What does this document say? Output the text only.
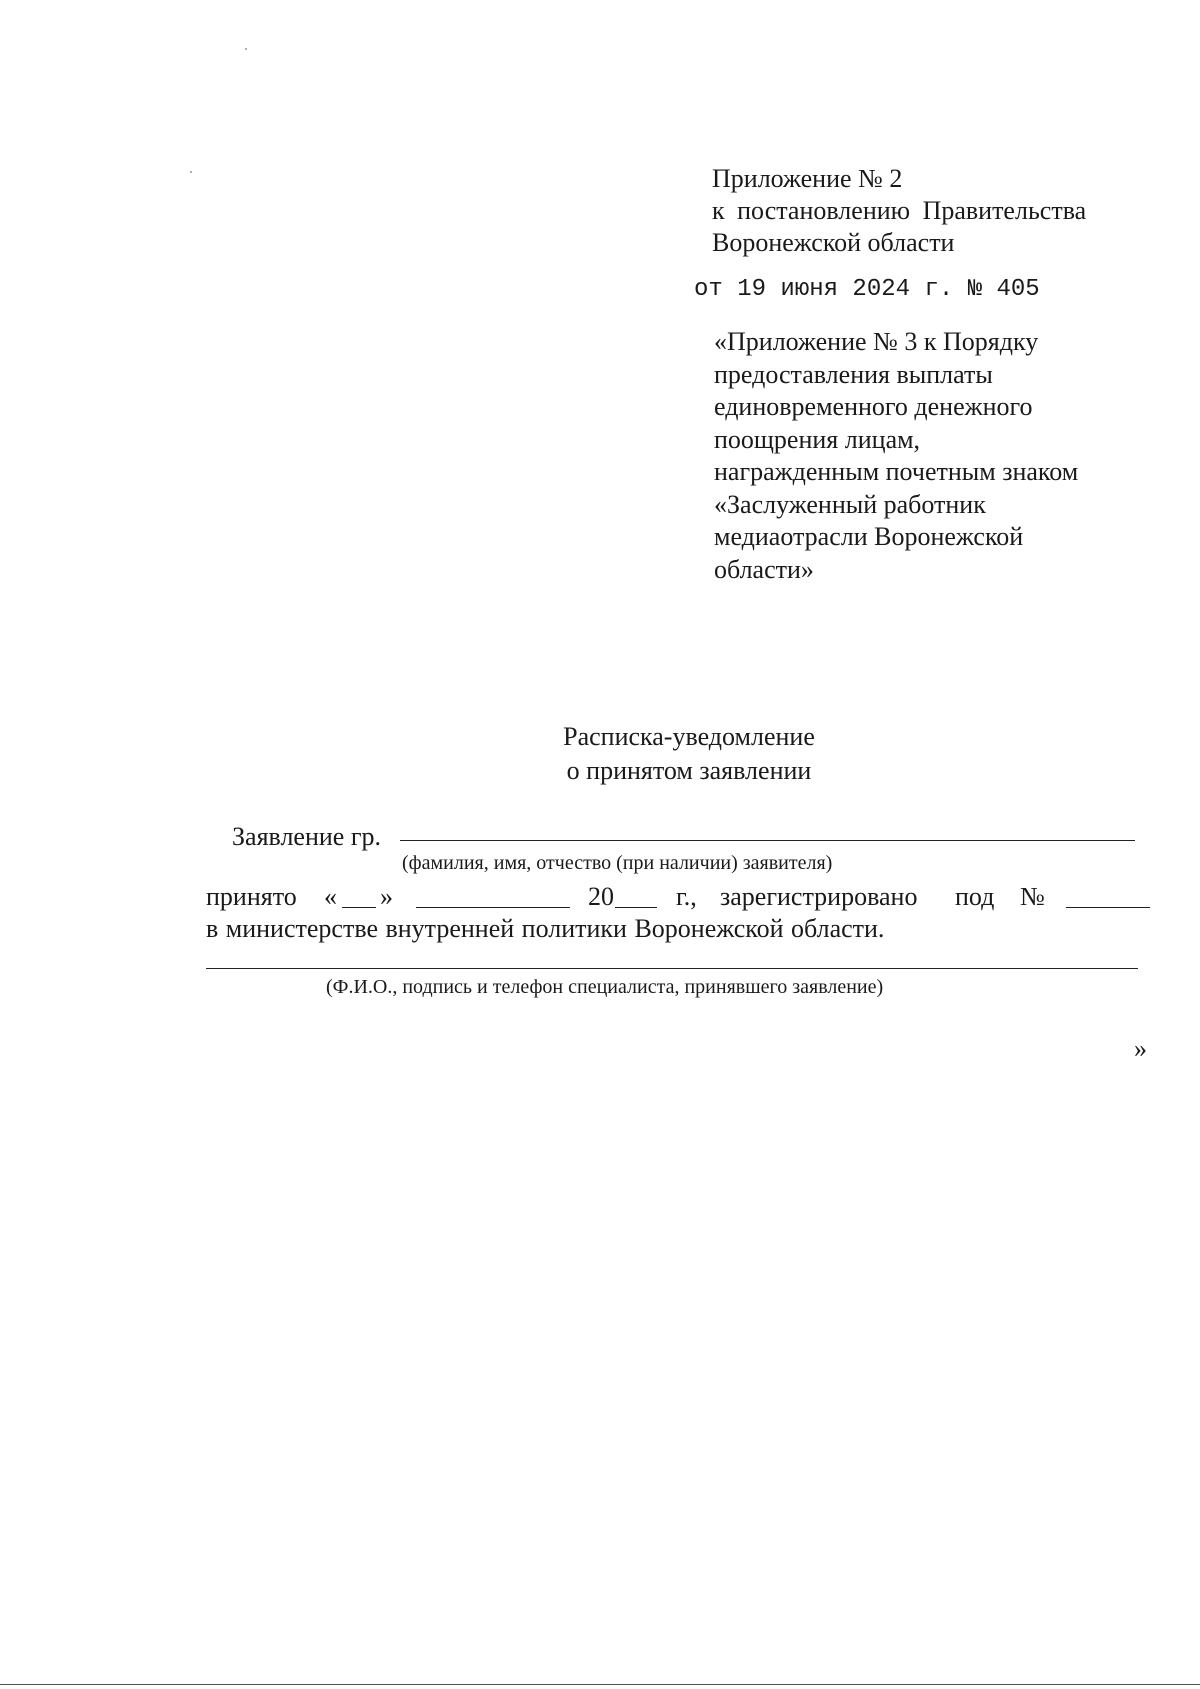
Приложение № 2
к постановлению Правительства
Воронежской области
от 19 июня 2024 г. № 405
«Приложение № 3 к Порядку
предоставления выплаты
единовременного денежного
поощрения лицам,
награжденным почетным знаком
«Заслуженный работник
медиаотрасли Воронежской
области»
Расписка-уведомление
о принятом заявлении
Заявление гр.
(фамилия, имя, отчество (при наличии) заявителя)
принято « »	20 г., зарегистрировано под №
в министерстве внутренней политики Воронежской области.
(Ф.И.О., подпись и телефон специалиста, принявшего заявление)
»
